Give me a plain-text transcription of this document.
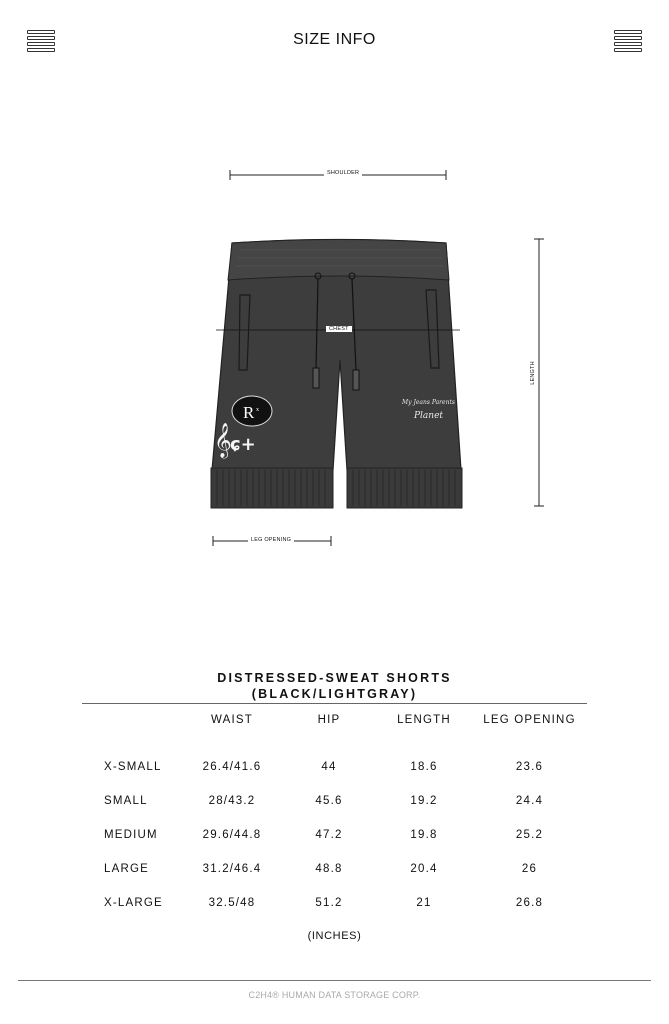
SIZE INFO
R x
𝄞
ɕ+
My Jeans Parents
Planet
SHOULDER
CHEST
LENGTH
LEG OPENING
DISTRESSED-SWEAT SHORTS
(BLACK/LIGHTGRAY)
	WAIST	HIP	LENGTH	LEG OPENING

X-SMALL	26.4/41.6	44	18.6	23.6
SMALL	28/43.2	45.6	19.2	24.4
MEDIUM	29.6/44.8	47.2	19.8	25.2
LARGE	31.2/46.4	48.8	20.4	26
X-LARGE	32.5/48	51.2	21	26.8
(INCHES)
C2H4® HUMAN DATA STORAGE CORP.
